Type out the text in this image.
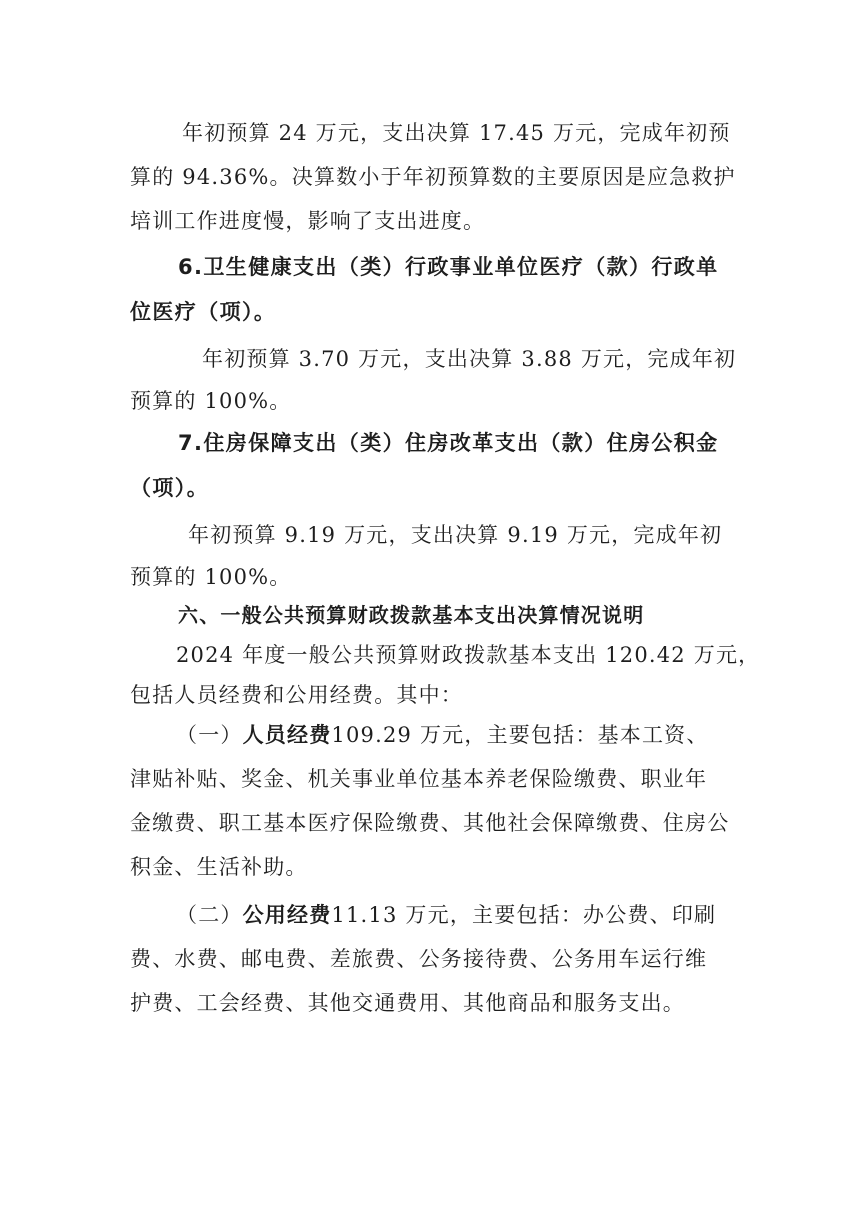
年初预算 24 万元，支出决算 17.45 万元，完成年初预
算的 94.36%。决算数小于年初预算数的主要原因是应急救护
培训工作进度慢，影响了支出进度。
6.卫生健康支出（类）行政事业单位医疗（款）行政单
位医疗（项）。
年初预算 3.70 万元，支出决算 3.88 万元，完成年初
预算的 100%。
7.住房保障支出（类）住房改革支出（款）住房公积金
（项）。
年初预算 9.19 万元，支出决算 9.19 万元，完成年初
预算的 100%。
六、一般公共预算财政拨款基本支出决算情况说明
2024 年度一般公共预算财政拨款基本支出 120.42 万元，
包括人员经费和公用经费。其中：
（一）人员经费109.29 万元，主要包括：基本工资、
津贴补贴、奖金、机关事业单位基本养老保险缴费、职业年
金缴费、职工基本医疗保险缴费、其他社会保障缴费、住房公
积金、生活补助。
（二）公用经费11.13 万元，主要包括：办公费、印刷
费、水费、邮电费、差旅费、公务接待费、公务用车运行维
护费、工会经费、其他交通费用、其他商品和服务支出。
